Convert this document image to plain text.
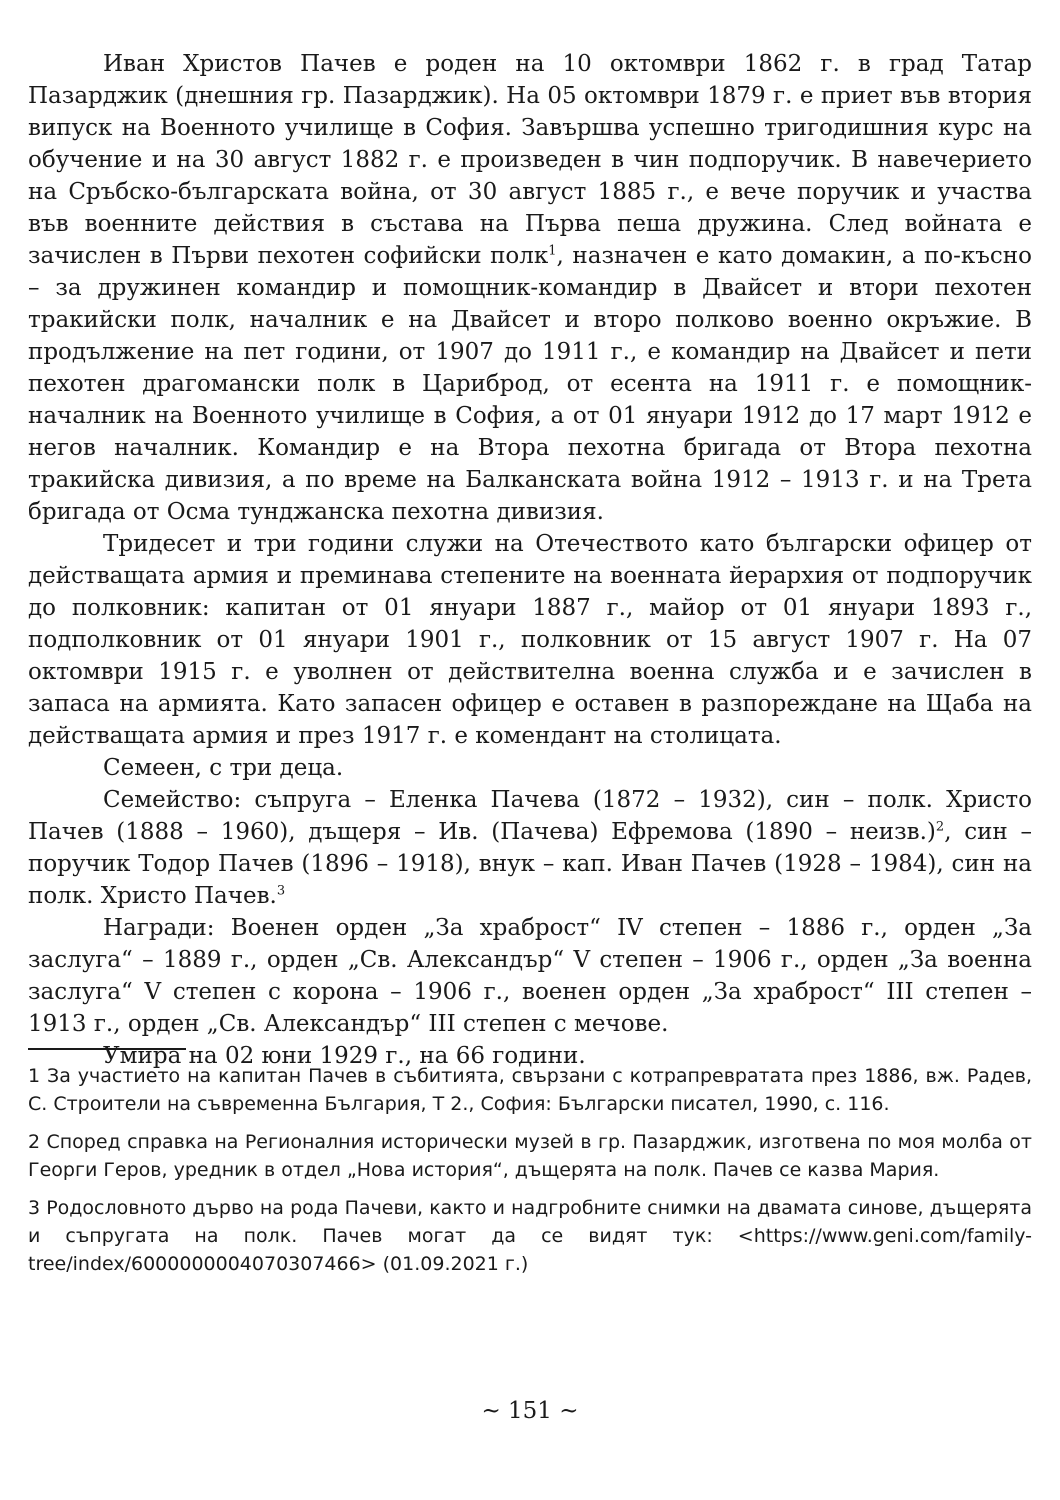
Иван Христов Пачев е роден на 10 октомври 1862 г. в град Татар Пазарджик (днешния гр. Пазарджик). На 05 октомври 1879 г. е приет във втория випуск на Военното училище в София. Завършва успешно тригодишния курс на обучение и на 30 август 1882 г. е произведен в чин подпоручик. В навечерието на Сръбско-българската война, от 30 август 1885 г., е вече поручик и участва във военните действия в състава на Първа пеша дружина. След войната е зачислен в Първи пехотен софийски полк$^1$, назначен е като домакин, а по-късно – за дружинен командир и помощник-командир в Двайсет и втори пехотен тракийски полк, началник е на Двайсет и второ полково военно окръжие. В продължение на пет години, от 1907 до 1911 г., е командир на Двайсет и пети пехотен драгомански полк в Цариброд, от есента на 1911 г. е помощник-началник на Военното училище в София, а от 01 януари 1912 до 17 март 1912 е негов началник. Командир е на Втора пехотна бригада от Втора пехотна тракийска дивизия, а по време на Балканската война 1912 – 1913 г. и на Трета бригада от Осма тунджанска пехотна дивизия.

Тридесет и три години служи на Отечеството като български офицер от действащата армия и преминава степените на военната йерархия от подпоручик до полковник: капитан от 01 януари 1887 г., майор от 01 януари 1893 г., подполковник от 01 януари 1901 г., полковник от 15 август 1907 г. На 07 октомври 1915 г. е уволнен от действителна военна служба и е зачислен в запаса на армията. Като запасен офицер е оставен в разпореждане на Щаба на действащата армия и през 1917 г. е комендант на столицата.

Семеен, с три деца.

Семейство: съпруга – Еленка Пачева (1872 – 1932), син – полк. Христо Пачев (1888 – 1960), дъщеря – Ив. (Пачева) Ефремова (1890 – неизв.)$^2$, син – поручик Тодор Пачев (1896 – 1918), внук – кап. Иван Пачев (1928 – 1984), син на полк. Христо Пачев.$^3$

Награди: Военен орден „За храброст“ IV степен – 1886 г., орден „За заслуга“ – 1889 г., орден „Св. Александър“ V степен – 1906 г., орден „За военна заслуга“ V степен с корона – 1906 г., военен орден „За храброст“ III степен – 1913 г., орден „Св. Александър“ III степен с мечове.

Умира на 02 юни 1929 г., на 66 години.

1 За участието на капитан Пачев в събитията, свързани с котрапревратата през 1886, вж. Радев, С. Строители на съвременна България, Т 2., София: Български писател, 1990, с. 116.

2 Според справка на Регионалния исторически музей в гр. Пазарджик, изготвена по моя молба от Георги Геров, уредник в отдел „Нова история“, дъщерята на полк. Пачев се казва Мария.

3 Родословното дърво на рода Пачеви, както и надгробните снимки на двамата синове, дъщерята и съпругата на полк. Пачев могат да се видят тук: <https://www.geni.com/family-tree/index/6000000004070307466> (01.09.2021 г.)

~ 151 ~
